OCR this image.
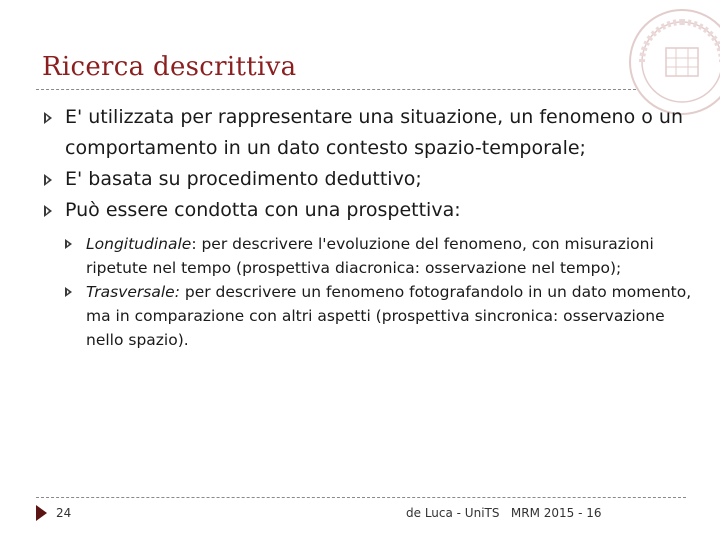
Ricerca descrittiva
E' utilizzata per rappresentare una situazione, un fenomeno o un comportamento in un dato contesto spazio-temporale;
E' basata su procedimento deduttivo;
Può essere condotta con una prospettiva:
Longitudinale: per descrivere l'evoluzione del fenomeno, con misurazioni ripetute nel tempo (prospettiva diacronica: osservazione nel tempo);
Trasversale: per descrivere un fenomeno fotografandolo in un dato momento, ma in comparazione con altri aspetti (prospettiva sincronica: osservazione nello spazio).
24	de Luca - UniTS   MRM 2015 - 16
